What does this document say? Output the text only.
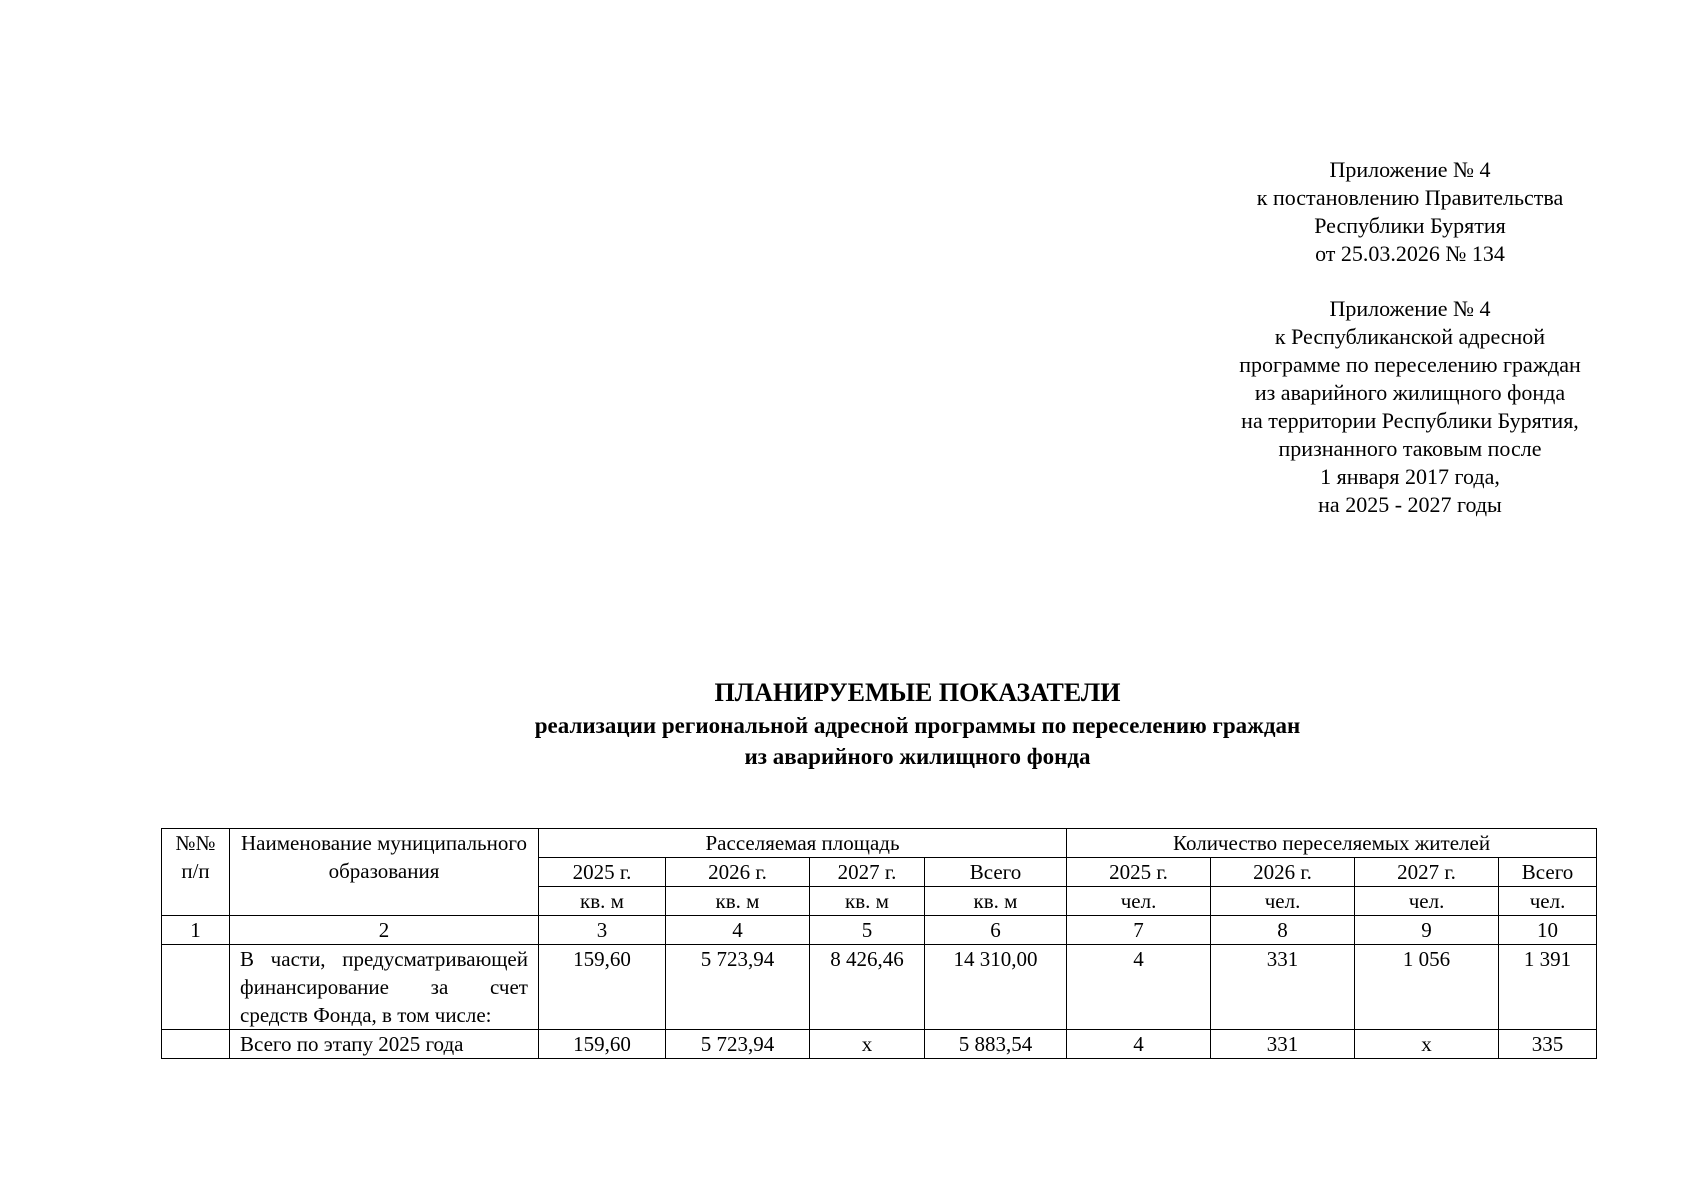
Приложение № 4
к постановлению Правительства
Республики Бурятия
от 25.03.2026 № 134
Приложение № 4
к Республиканской адресной
программе по переселению граждан
из аварийного жилищного фонда
на территории Республики Бурятия,
признанного таковым после
1 января 2017 года,
на 2025 - 2027 годы
ПЛАНИРУЕМЫЕ ПОКАЗАТЕЛИ
реализации региональной адресной программы по переселению граждан
из аварийного жилищного фонда
№№ п/п	Наименование муниципального образования	Расселяемая площадь				Количество переселяемых жителей			
		2025 г.	2026 г.	2027 г.	Всего	2025 г.	2026 г.	2027 г.	Всего
		кв. м	кв. м	кв. м	кв. м	чел.	чел.	чел.	чел.
1	2	3	4	5	6	7	8	9	10
	В части, предусматривающей финансирование за счет средств Фонда, в том числе:	159,60	5 723,94	8 426,46	14 310,00	4	331	1 056	1 391
	Всего по этапу 2025 года	159,60	5 723,94	х	5 883,54	4	331	х	335
